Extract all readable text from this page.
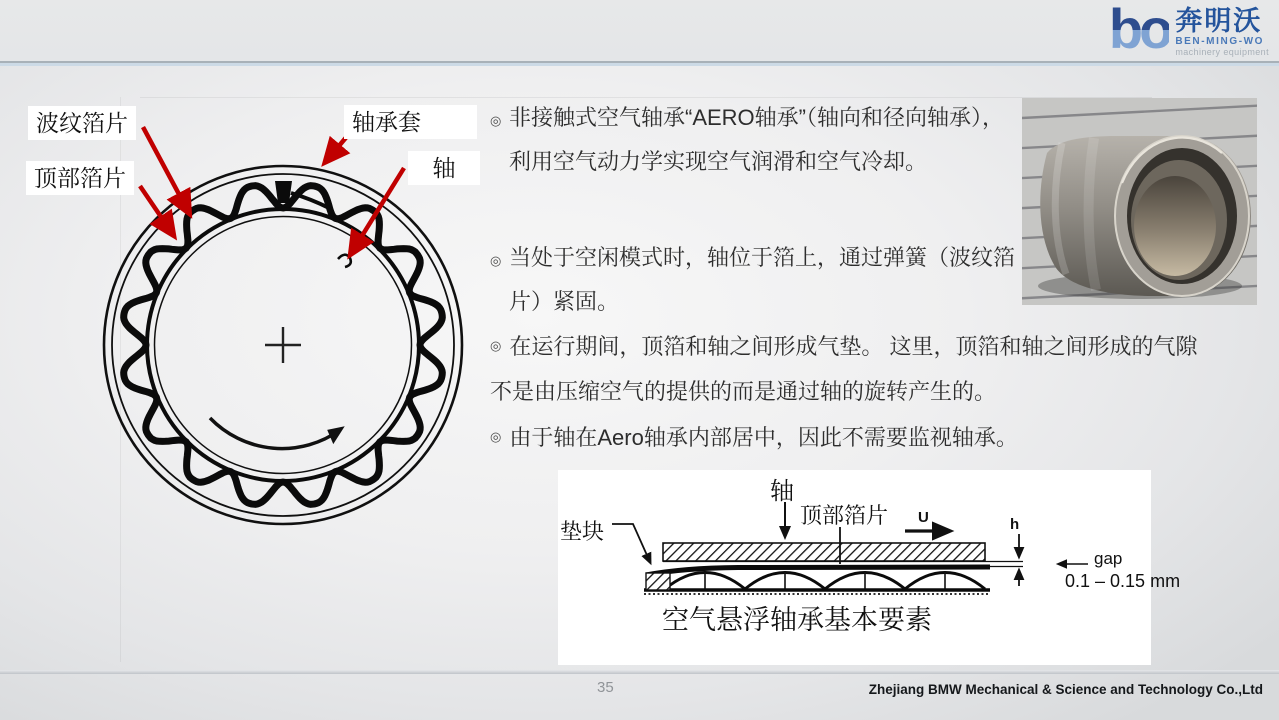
bo 奔明沃
BEN-MING-WO
machinery equipment
波纹箔片
顶部箔片
轴承套
轴
◎ 非接触式空气轴承“AERO轴承”（轴向和径向轴承），利用空气动力学实现空气润滑和空气冷却。
◎ 当处于空闲模式时，轴位于箔上，通过弹簧（波纹箔片）紧固。
◎ 在运行期间，顶箔和轴之间形成气垫。 这里，顶箔和轴之间形成的气隙不是由压缩空气的提供的而是通过轴的旋转产生的。
◎ 由于轴在Aero轴承内部居中，因此不需要监视轴承。
轴
顶部箔片
垫块
U	h
gap
0.1 – 0.15 mm
空气悬浮轴承基本要素
35	Zhejiang BMW Mechanical & Science and Technology Co.,Ltd
